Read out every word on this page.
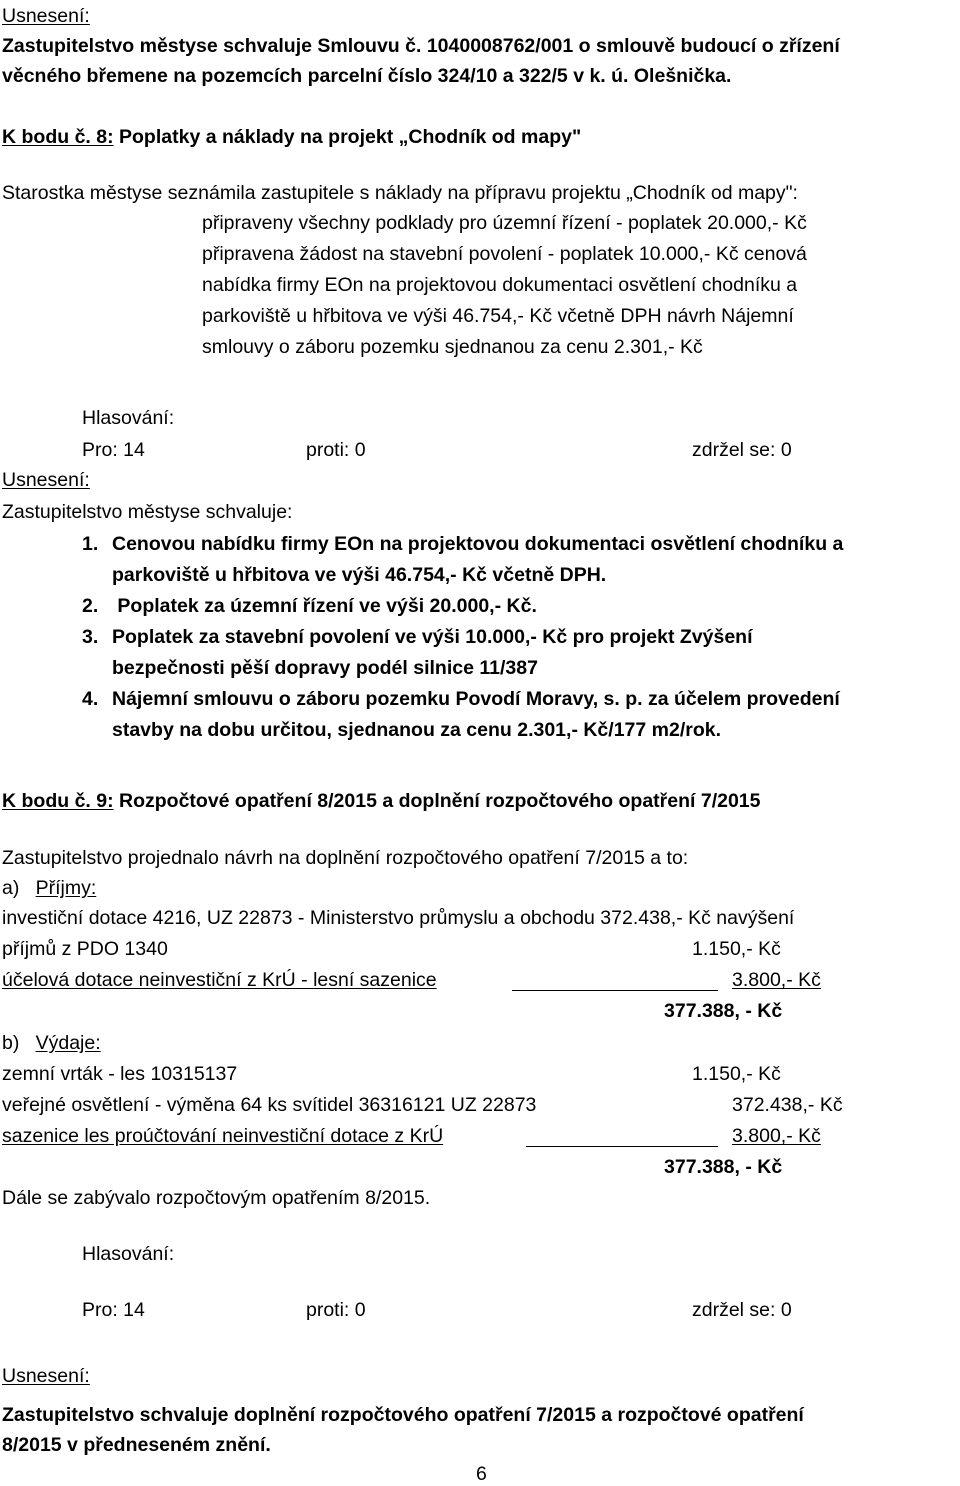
Usnesení:
Zastupitelstvo městyse schvaluje Smlouvu č. 1040008762/001 o smlouvě budoucí o zřízení
věcného břemene na pozemcích parcelní číslo 324/10 a 322/5 v k. ú. Olešnička.
K bodu č. 8: Poplatky a náklady na projekt „Chodník od mapy"
Starostka městyse seznámila zastupitele s náklady na přípravu projektu „Chodník od mapy":
připraveny všechny podklady pro územní řízení - poplatek 20.000,- Kč
připravena žádost na stavební povolení - poplatek 10.000,- Kč cenová
nabídka firmy EOn na projektovou dokumentaci osvětlení chodníku a
parkoviště u hřbitova ve výši 46.754,- Kč včetně DPH návrh Nájemní
smlouvy o záboru pozemku sjednanou za cenu 2.301,- Kč
Hlasování:
Pro: 14	proti: 0	zdržel se: 0
Usnesení:
Zastupitelstvo městyse schvaluje:
1. Cenovou nabídku firmy EOn na projektovou dokumentaci osvětlení chodníku a
parkoviště u hřbitova ve výši 46.754,- Kč včetně DPH.
2. Poplatek za územní řízení ve výši 20.000,- Kč.
3. Poplatek za stavební povolení ve výši 10.000,- Kč pro projekt Zvýšení
bezpečnosti pěší dopravy podél silnice 11/387
4. Nájemní smlouvu o záboru pozemku Povodí Moravy, s. p. za účelem provedení
stavby na dobu určitou, sjednanou za cenu 2.301,- Kč/177 m2/rok.
K bodu č. 9: Rozpočtové opatření 8/2015 a doplnění rozpočtového opatření 7/2015
Zastupitelstvo projednalo návrh na doplnění rozpočtového opatření 7/2015 a to:
a) Příjmy:
investiční dotace 4216, UZ 22873 - Ministerstvo průmyslu a obchodu 372.438,- Kč navýšení
příjmů z PDO 1340	1.150,- Kč
účelová dotace neinvestiční z KrÚ - lesní sazenice	3.800,- Kč
377.388, - Kč
b) Výdaje:
zemní vrták - les 10315137	1.150,- Kč
veřejné osvětlení - výměna 64 ks svítidel 36316121 UZ 22873	372.438,- Kč
sazenice les proúčtování neinvestiční dotace z KrÚ	3.800,- Kč
377.388, - Kč
Dále se zabývalo rozpočtovým opatřením 8/2015.
Hlasování:
Pro: 14	proti: 0	zdržel se: 0
Usnesení:
Zastupitelstvo schvaluje doplnění rozpočtového opatření 7/2015 a rozpočtové opatření
8/2015 v předneseném znění.
6
